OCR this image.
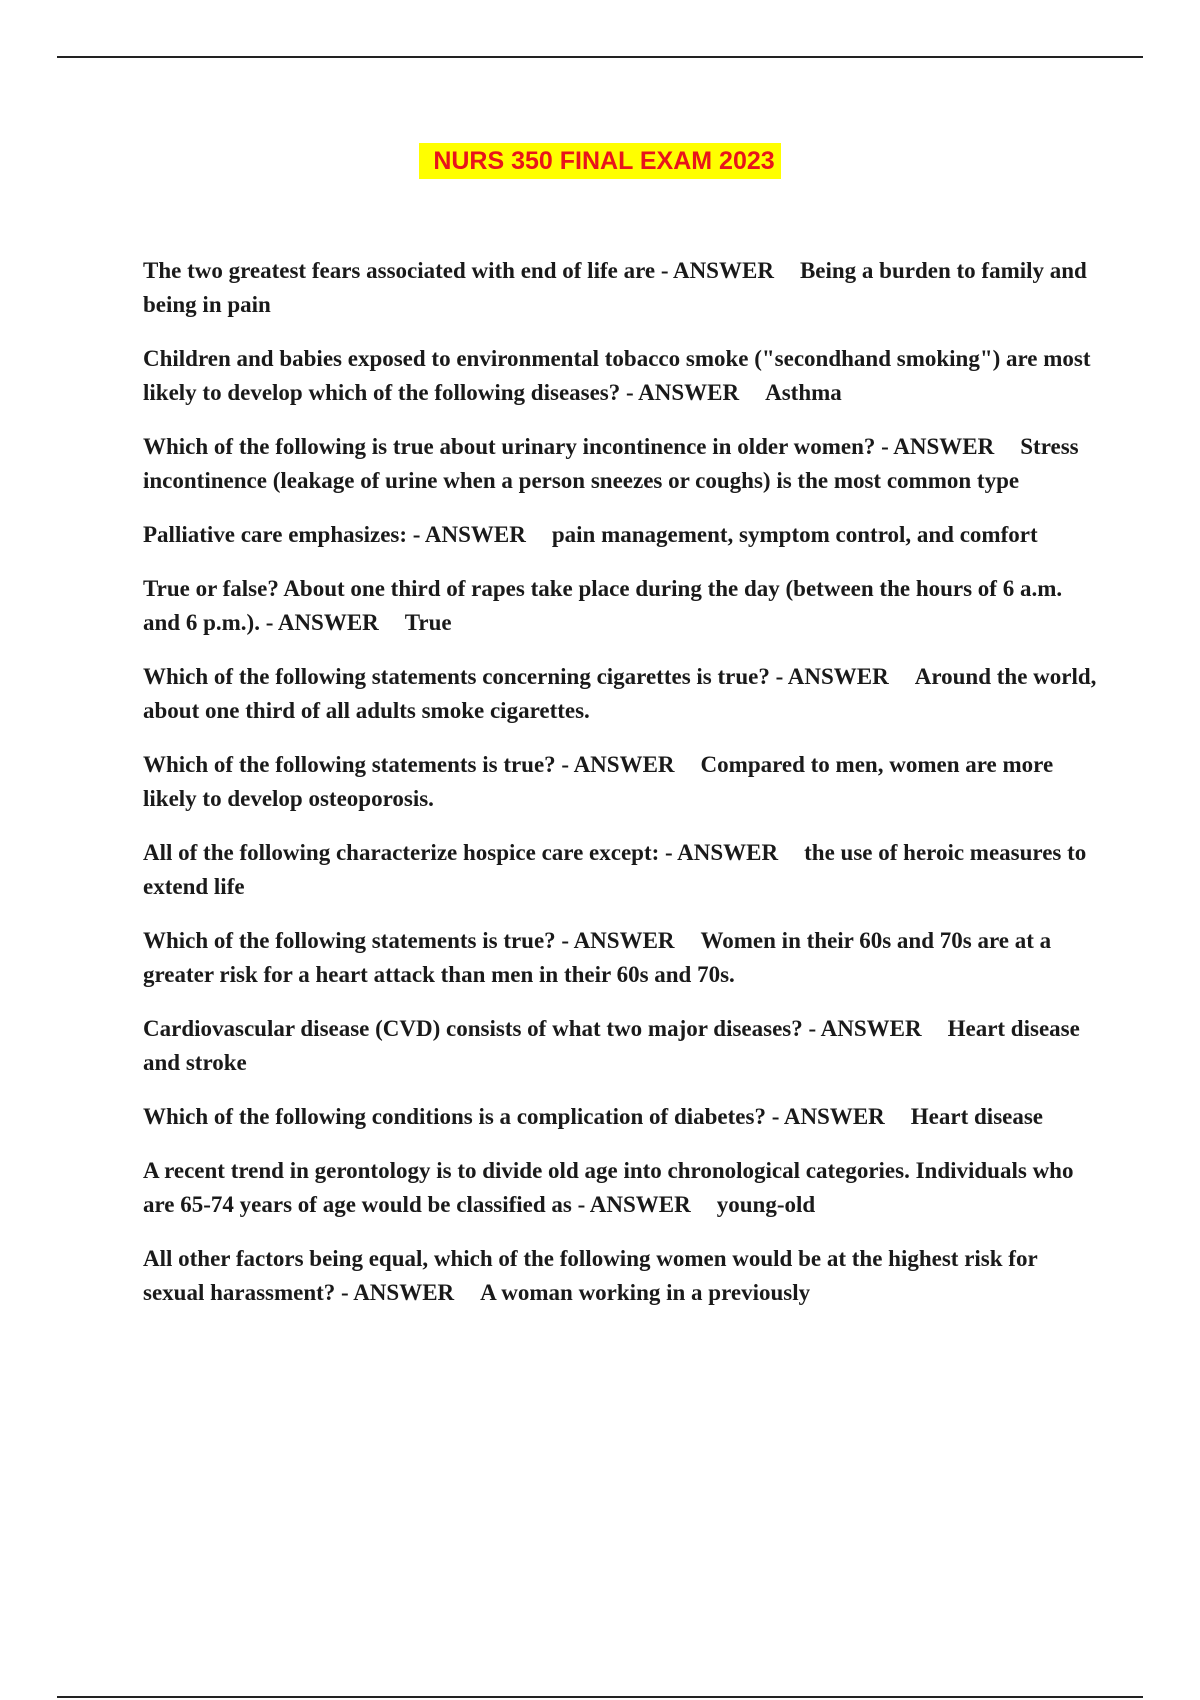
NURS 350 FINAL EXAM 2023

The two greatest fears associated with end of life are - ANSWER Being a burden to family and being in pain

Children and babies exposed to environmental tobacco smoke ("secondhand smoking") are most likely to develop which of the following diseases? - ANSWER Asthma

Which of the following is true about urinary incontinence in older women? - ANSWER Stress incontinence (leakage of urine when a person sneezes or coughs) is the most common type

Palliative care emphasizes: - ANSWER pain management, symptom control, and comfort

True or false? About one third of rapes take place during the day (between the hours of 6 a.m. and 6 p.m.). - ANSWER True

Which of the following statements concerning cigarettes is true? - ANSWER Around the world, about one third of all adults smoke cigarettes.

Which of the following statements is true? - ANSWER Compared to men, women are more likely to develop osteoporosis.

All of the following characterize hospice care except: - ANSWER the use of heroic measures to extend life

Which of the following statements is true? - ANSWER Women in their 60s and 70s are at a greater risk for a heart attack than men in their 60s and 70s.

Cardiovascular disease (CVD) consists of what two major diseases? - ANSWER Heart disease and stroke

Which of the following conditions is a complication of diabetes? - ANSWER Heart disease

A recent trend in gerontology is to divide old age into chronological categories. Individuals who are 65-74 years of age would be classified as - ANSWER young-old

All other factors being equal, which of the following women would be at the highest risk for sexual harassment? - ANSWER A woman working in a previously
